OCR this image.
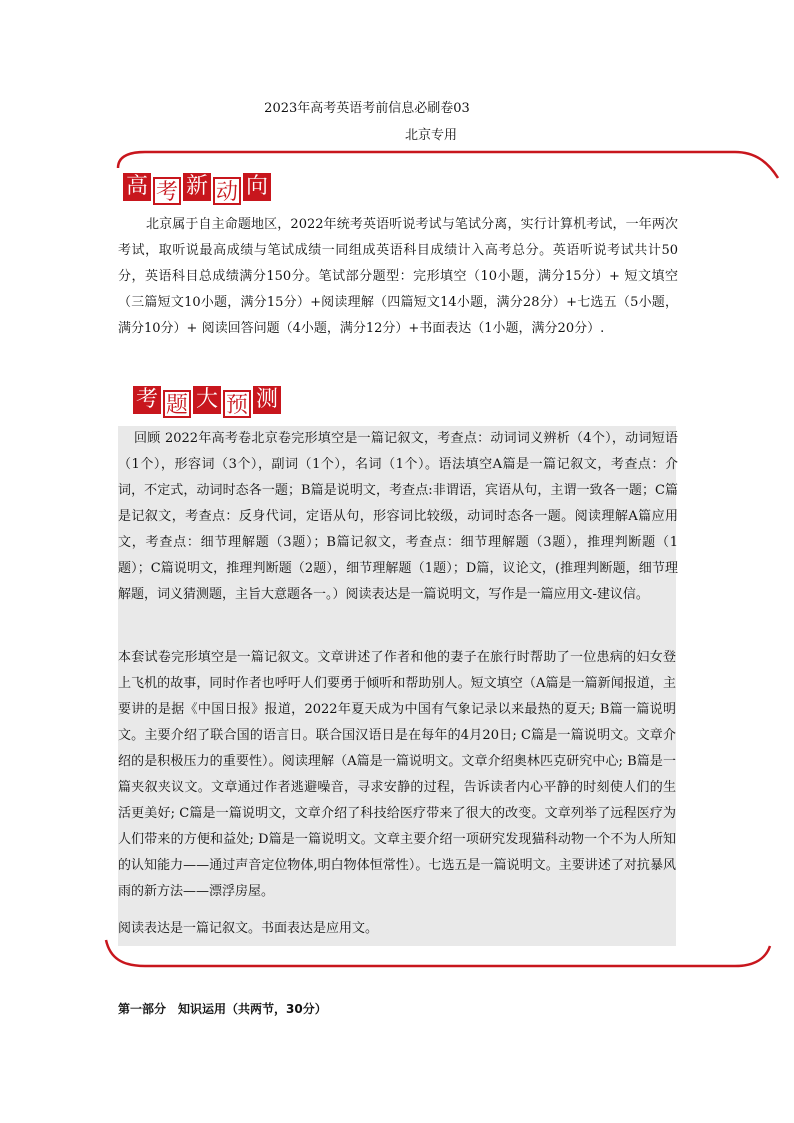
2023年高考英语考前信息必刷卷03
北京专用
高 考 新 动 向
北京属于自主命题地区，2022年统考英语听说考试与笔试分离，实行计算机考试，一年两次考试，取听说最高成绩与笔试成绩一同组成英语科目成绩计入高考总分。英语听说考试共计50分，英语科目总成绩满分150分。笔试部分题型：完形填空（10小题，满分15分）+ 短文填空（三篇短文10小题，满分15分）+阅读理解（四篇短文14小题，满分28分）+七选五（5小题，满分10分）+ 阅读回答问题（4小题，满分12分）+书面表达（1小题，满分20分）.
考 题 大 预 测
回顾 2022年高考卷北京卷完形填空是一篇记叙文，考查点：动词词义辨析（4个），动词短语（1个），形容词（3个），副词（1个），名词（1个）。语法填空A篇是一篇记叙文，考查点：介词，不定式，动词时态各一题；B篇是说明文，考查点:非谓语，宾语从句，主谓一致各一题；C篇是记叙文，考查点：反身代词，定语从句，形容词比较级，动词时态各一题。阅读理解A篇应用文，考查点：细节理解题（3题）；B篇记叙文，考查点：细节理解题（3题），推理判断题（1题）；C篇说明文，推理判断题（2题），细节理解题（1题）；D篇，议论文，(推理判断题，细节理解题，词义猜测题，主旨大意题各一。）阅读表达是一篇说明文，写作是一篇应用文-建议信。
本套试卷完形填空是一篇记叙文。文章讲述了作者和他的妻子在旅行时帮助了一位患病的妇女登上飞机的故事，同时作者也呼吁人们要勇于倾听和帮助别人。短文填空（A篇是一篇新闻报道，主要讲的是据《中国日报》报道，2022年夏天成为中国有气象记录以来最热的夏天; B篇一篇说明文。主要介绍了联合国的语言日。联合国汉语日是在每年的4月20日; C篇是一篇说明文。文章介绍的是积极压力的重要性）。阅读理解（A篇是一篇说明文。文章介绍奥林匹克研究中心; B篇是一篇夹叙夹议文。文章通过作者逃避噪音，寻求安静的过程，告诉读者内心平静的时刻使人们的生活更美好; C篇是一篇说明文，文章介绍了科技给医疗带来了很大的改变。文章列举了远程医疗为人们带来的方便和益处; D篇是一篇说明文。文章主要介绍一项研究发现猫科动物一个不为人所知的认知能力——通过声音定位物体,明白物体恒常性）。七选五是一篇说明文。主要讲述了对抗暴风雨的新方法——漂浮房屋。
阅读表达是一篇记叙文。书面表达是应用文。
第一部分　知识运用（共两节，30分）
